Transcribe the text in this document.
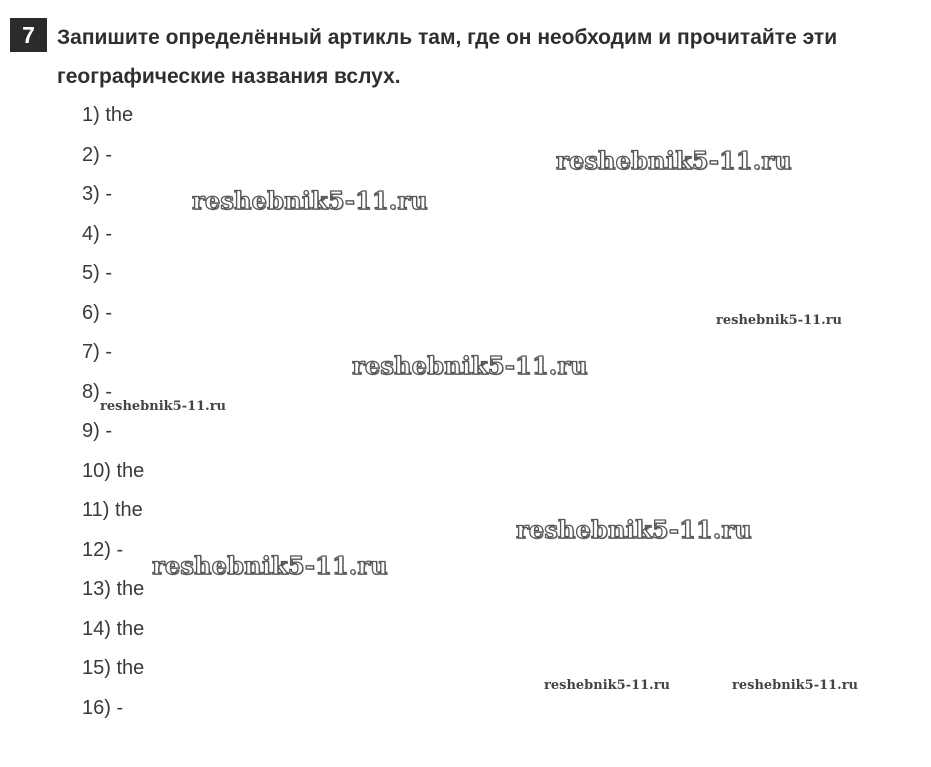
7	Запишите определённый артикль там, где он необходим и прочитайте эти географические названия вслух.

1) the
2) -
3) -
4) -
5) -
6) -
7) -
8) -
9) -
10) the
11) the
12) -
13) the
14) the
15) the
16) -
reshebnik5-11.ru
reshebnik5-11.ru
reshebnik5-11.ru
reshebnik5-11.ru
reshebnik5-11.ru
reshebnik5-11.ru
reshebnik5-11.ru
reshebnik5-11.ru	reshebnik5-11.ru
